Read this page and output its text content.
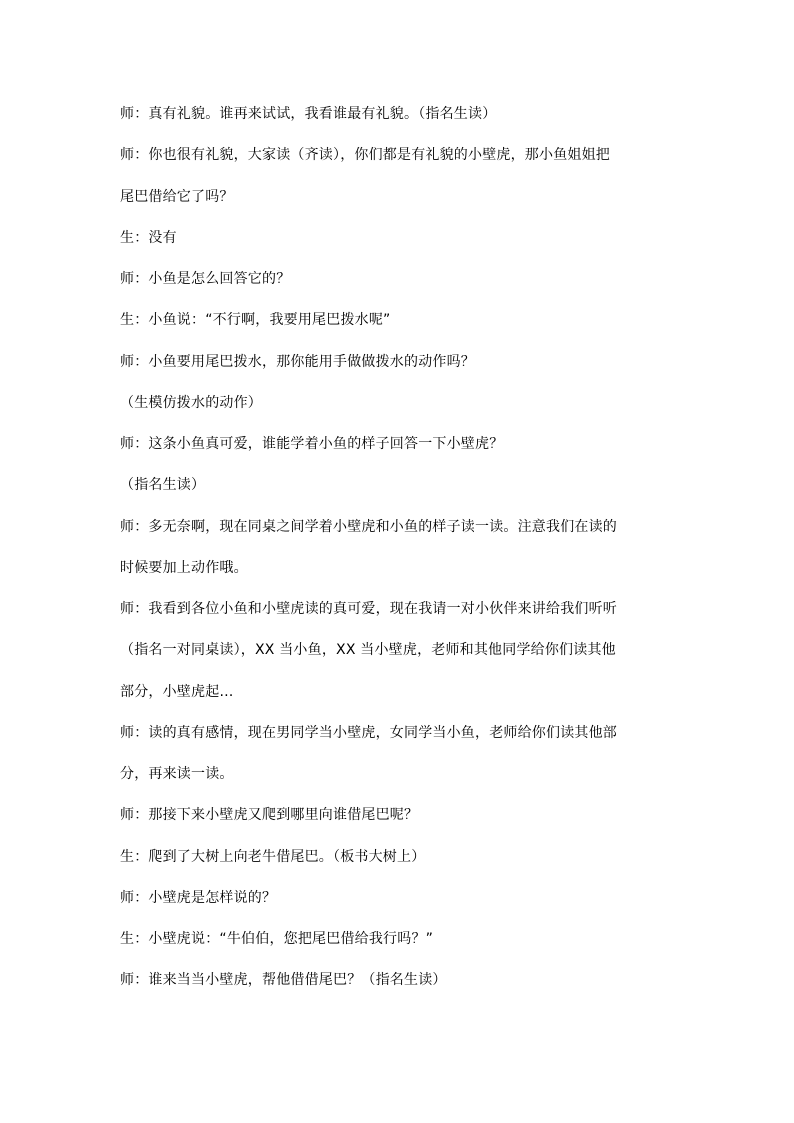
师：真有礼貌。谁再来试试，我看谁最有礼貌。（指名生读）

师：你也很有礼貌，大家读（齐读），你们都是有礼貌的小壁虎，那小鱼姐姐把

尾巴借给它了吗？

生：没有

师：小鱼是怎么回答它的？

生：小鱼说：“不行啊，我要用尾巴拨水呢”

师：小鱼要用尾巴拨水，那你能用手做做拨水的动作吗？

（生模仿拨水的动作）

师：这条小鱼真可爱，谁能学着小鱼的样子回答一下小壁虎？

（指名生读）

师：多无奈啊，现在同桌之间学着小壁虎和小鱼的样子读一读。注意我们在读的

时候要加上动作哦。

师：我看到各位小鱼和小壁虎读的真可爱，现在我请一对小伙伴来讲给我们听听

（指名一对同桌读），XX 当小鱼，XX 当小壁虎，老师和其他同学给你们读其他

部分，小壁虎起…

师：读的真有感情，现在男同学当小壁虎，女同学当小鱼，老师给你们读其他部

分，再来读一读。

师：那接下来小壁虎又爬到哪里向谁借尾巴呢？

生：爬到了大树上向老牛借尾巴。（板书大树上）

师：小壁虎是怎样说的？

生：小壁虎说：“牛伯伯，您把尾巴借给我行吗？”

师：谁来当当小壁虎，帮他借借尾巴？（指名生读）
